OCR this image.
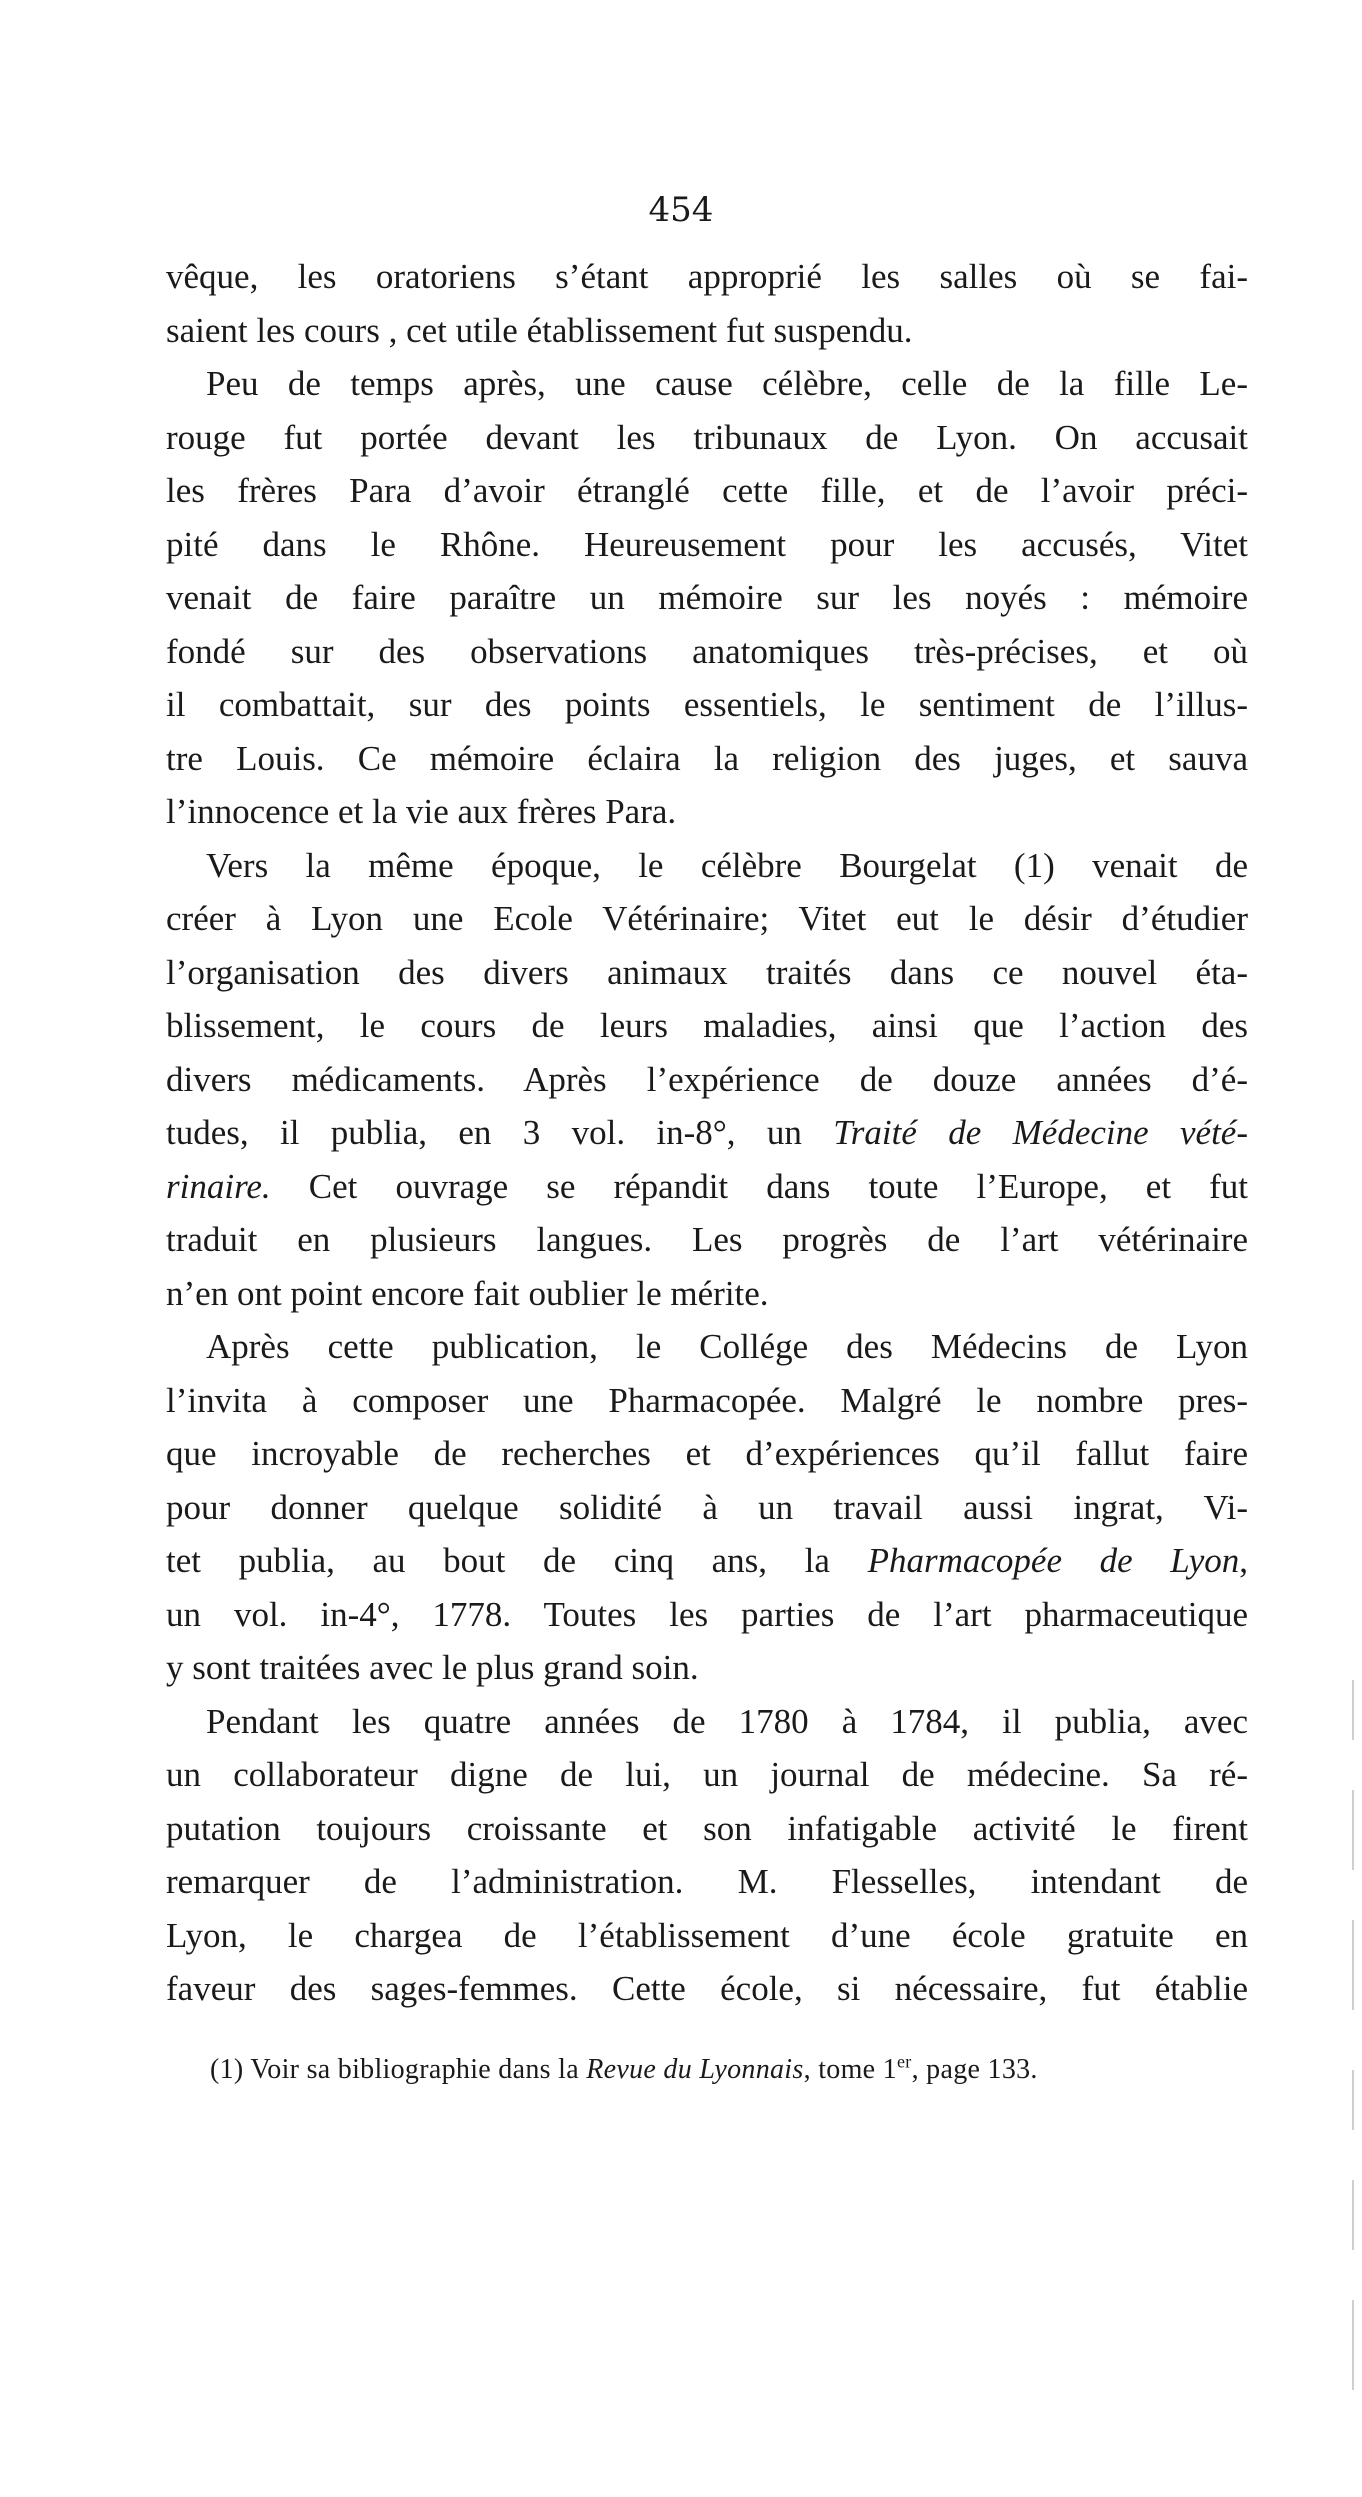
454

vêque, les oratoriens s’étant approprié les salles où se fai-
saient les cours , cet utile établissement fut suspendu.

Peu de temps après, une cause célèbre, celle de la fille Le-
rouge fut portée devant les tribunaux de Lyon. On accusait
les frères Para d’avoir étranglé cette fille, et de l’avoir préci-
pité dans le Rhône. Heureusement pour les accusés, Vitet
venait de faire paraître un mémoire sur les noyés : mémoire
fondé sur des observations anatomiques très-précises, et où
il combattait, sur des points essentiels, le sentiment de l’illus-
tre Louis. Ce mémoire éclaira la religion des juges, et sauva
l’innocence et la vie aux frères Para.

Vers la même époque, le célèbre Bourgelat (1) venait de
créer à Lyon une Ecole Vétérinaire; Vitet eut le désir d’étudier
l’organisation des divers animaux traités dans ce nouvel éta-
blissement, le cours de leurs maladies, ainsi que l’action des
divers médicaments. Après l’expérience de douze années d’é-
tudes, il publia, en 3 vol. in-8°, un Traité de Médecine vété-
rinaire. Cet ouvrage se répandit dans toute l’Europe, et fut
traduit en plusieurs langues. Les progrès de l’art vétérinaire
n’en ont point encore fait oublier le mérite.

Après cette publication, le Collége des Médecins de Lyon
l’invita à composer une Pharmacopée. Malgré le nombre pres-
que incroyable de recherches et d’expériences qu’il fallut faire
pour donner quelque solidité à un travail aussi ingrat, Vi-
tet publia, au bout de cinq ans, la Pharmacopée de Lyon,
un vol. in-4°, 1778. Toutes les parties de l’art pharmaceutique
y sont traitées avec le plus grand soin.

Pendant les quatre années de 1780 à 1784, il publia, avec
un collaborateur digne de lui, un journal de médecine. Sa ré-
putation toujours croissante et son infatigable activité le firent
remarquer de l’administration. M. Flesselles, intendant de
Lyon, le chargea de l’établissement d’une école gratuite en
faveur des sages-femmes. Cette école, si nécessaire, fut établie

(1) Voir sa bibliographie dans la Revue du Lyonnais, tome 1er, page 133.
